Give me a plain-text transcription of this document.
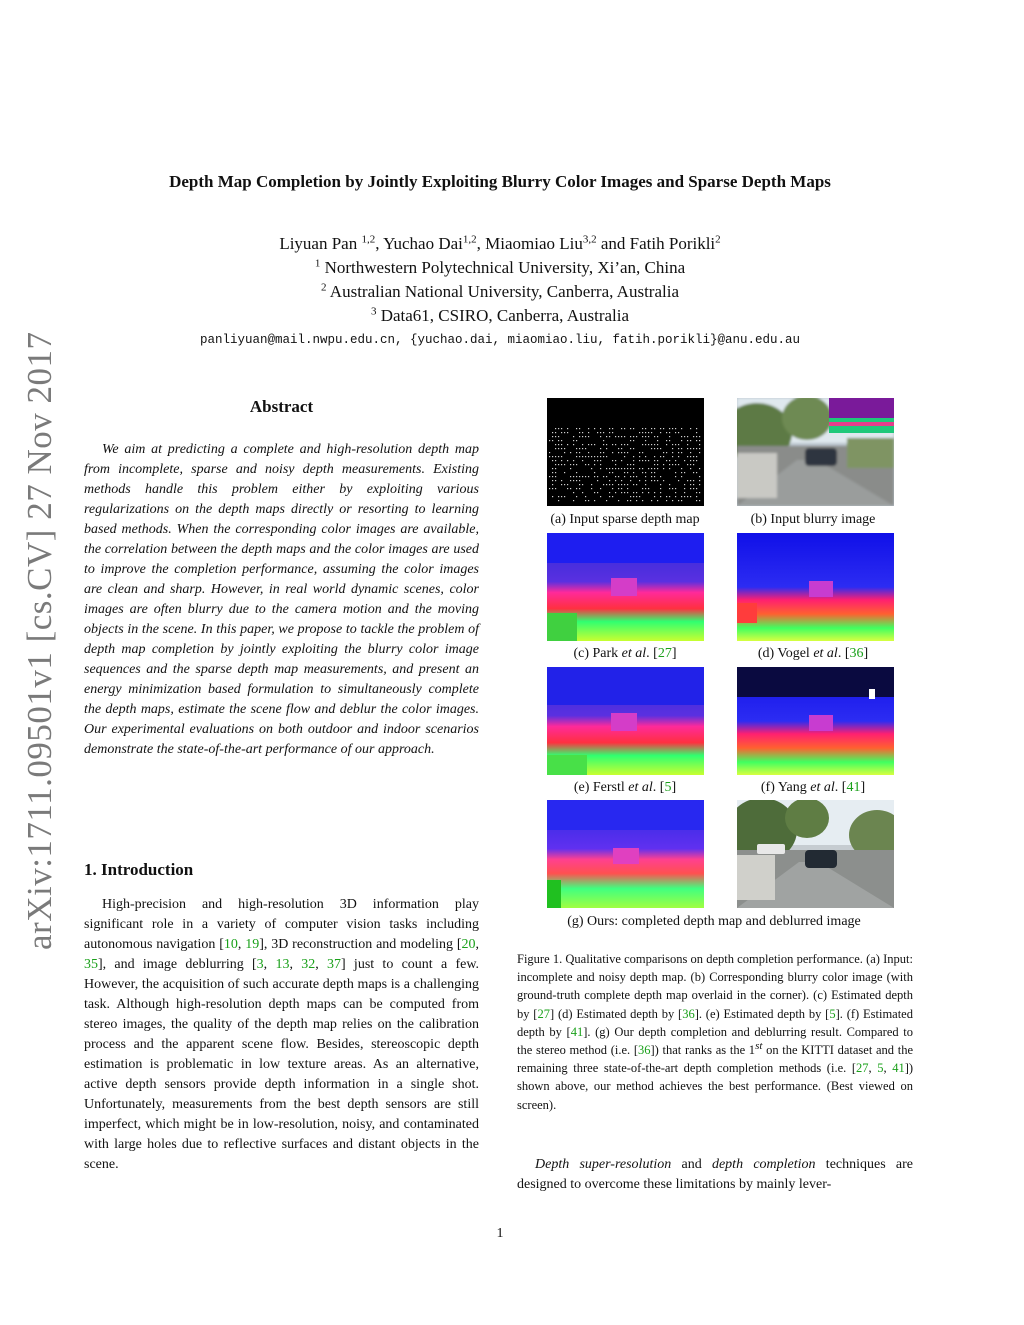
arXiv:1711.09501v1 [cs.CV] 27 Nov 2017
Depth Map Completion by Jointly Exploiting Blurry Color Images and Sparse Depth Maps
Liyuan Pan $^{1,2}$, Yuchao Dai$^{1,2}$, Miaomiao Liu$^{3,2}$ and Fatih Porikli$^2$
$^1$ Northwestern Polytechnical University, Xi’an, China
$^2$ Australian National University, Canberra, Australia
$^3$ Data61, CSIRO, Canberra, Australia
panliyuan@mail.nwpu.edu.cn, {yuchao.dai, miaomiao.liu, fatih.porikli}@anu.edu.au
Abstract

We aim at predicting a complete and high-resolution depth map from incomplete, sparse and noisy depth measurements. Existing methods handle this problem either by exploiting various regularizations on the depth maps directly or resorting to learning based methods. When the corresponding color images are available, the correlation between the depth maps and the color images are used to improve the completion performance, assuming the color images are clean and sharp. However, in real world dynamic scenes, color images are often blurry due to the camera motion and the moving objects in the scene. In this paper, we propose to tackle the problem of depth map completion by jointly exploiting the blurry color image sequences and the sparse depth map measurements, and present an energy minimization based formulation to simultaneously complete the depth maps, estimate the scene flow and deblur the color images. Our experimental evaluations on both outdoor and indoor scenarios demonstrate the state-of-the-art performance of our approach.

1. Introduction

High-precision and high-resolution 3D information play significant role in a variety of computer vision tasks including autonomous navigation [10, 19], 3D reconstruction and modeling [20, 35], and image deblurring [3, 13, 32, 37] just to count a few. However, the acquisition of such accurate depth maps is a challenging task. Although high-resolution depth maps can be computed from stereo images, the quality of the depth map relies on the calibration process and the apparent scene flow. Besides, stereoscopic depth estimation is problematic in low texture areas. As an alternative, active depth sensors provide depth information in a single shot. Unfortunately, measurements from the best depth sensors are still imperfect, which might be in low-resolution, noisy, and contaminated with large holes due to reflective surfaces and distant objects in the scene.

(a) Input sparse depth map	(b) Input blurry image
(c) Park et al. [27]	(d) Vogel et al. [36]
(e) Ferstl et al. [5]	(f) Yang et al. [41]
(g) Ours: completed depth map and deblurred image

Figure 1. Qualitative comparisons on depth completion performance. (a) Input: incomplete and noisy depth map. (b) Corresponding blurry color image (with ground-truth complete depth map overlaid in the corner). (c) Estimated depth by [27] (d) Estimated depth by [36]. (e) Estimated depth by [5]. (f) Estimated depth by [41]. (g) Our depth completion and deblurring result. Compared to the stereo method (i.e. [36]) that ranks as the 1st on the KITTI dataset and the remaining three state-of-the-art depth completion methods (i.e. [27, 5, 41]) shown above, our method achieves the best performance. (Best viewed on screen).

Depth super-resolution and depth completion techniques are designed to overcome these limitations by mainly lever-

1
